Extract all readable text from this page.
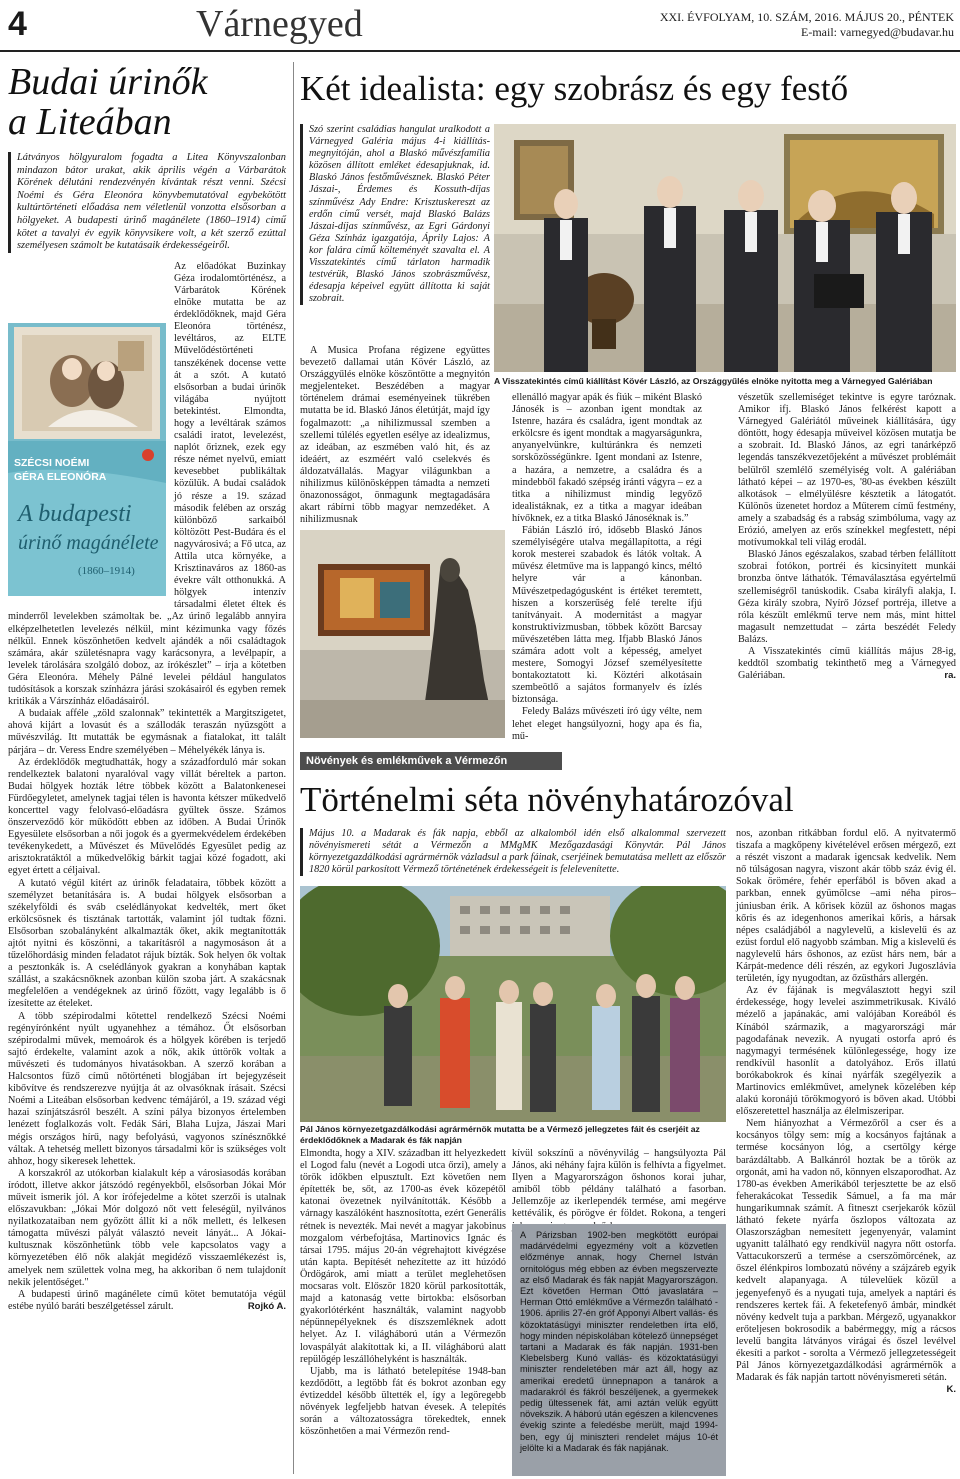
4	Várnegyed	XXI. ÉVFOLYAM, 10. SZÁM, 2016. MÁJUS 20., PÉNTEK
E-mail: varnegyed@budavar.hu
Budai úrinők
a Liteában
Látványos hölgyuralom fogadta a Litea Könyvszalonban mindazon bátor urakat, akik április végén a Várbarátok Körének délutáni rendezvényén kívántak részt venni. Szécsi Noémi és Géra Eleonóra könyvbemutatóval egybekötött kultúrtörténeti előadása nem véletlenül vonzotta elsősorban a hölgyeket. A budapesti úrinő magánélete (1860–1914) című kötet a tavalyi év egyik könyvsikere volt, a két szerző ezúttal személyesen számolt be kutatásaik érdekességeiről.
SZÉCSI NOÉMI
GÉRA ELEONÓRA
A budapesti
úrinő magánélete
(1860–1914)

Az előadókat Buzinkay Géza irodalomtörténész, a Várbarátok Körének elnöke mutatta be az érdeklődőknek, majd Géra Eleonóra történész, levéltáros, az ELTE Művelődéstörténeti tanszékének docense vette át a szót. A kutató elsősorban a budai úrinők világába nyújtott betekintést. Elmondta, hogy a levéltárak számos családi iratot, levelezést, naplót őriznek, ezek egy része német nyelvű, emiatt kevesebbet publikáltak közülük. A budai családok jó része a 19. század második felében az ország különböző sarkaiból költözött Pest-Budára és el nagyvárosivá; a Fő utca, az Attila utca környéke, a Krisztinaváros az 1860-as évekre vált otthonukká. A hölgyek intenzív társadalmi életet éltek és minderről levelekben számoltak be. „Az úrinő legalább annyira elképzelhetetlen levelezés nélkül, mint kézimunka vagy főzés nélkül. Ennek köszönhetően kedvelt ajándék a női családtagok számára, akár születésnapra vagy karácsonyra, a levélpapír, a levelek tárolására szolgáló doboz, az írókészlet” – írja a kötetben Géra Eleonóra. Méhely Pálné levelei például hangulatos tudósítások a korszak színházra járási szokásairól és egyben remek kritikák a Várszínház előadásairól.

A budaiak afféle „zöld szalonnak” tekintették a Margitszigetet, ahová kijárt a lovasút és a szállodák teraszán nyüzsgött a művészvilág. Itt mutatták be egymásnak a fiatalokat, itt talált párjára – dr. Veress Endre személyében – Méhelyékék lánya is.

Az érdeklődők megtudhatták, hogy a századforduló már sokan rendelkeztek balatoni nyaralóval vagy villát béreltek a parton. Budai hölgyek hozták létre többek között a Balatonkenesei Fürdőegyletet, amelynek tagjai télen is havonta kétszer műkedvelő koncerttel vagy felolvasó-előadásra gyűltek össze. Számos önszerveződő kör működött ebben az időben. A Budai Úrinők Egyesülete elsősorban a női jogok és a gyermekvédelem érdekében tevékenykedett, a Művészet és Művelődés Egyesület pedig az arisztokratáktól a műkedvelőkig bárkit tagjai közé fogadott, aki egyet értett a céljaival.

A kutató végül kitért az úrinők feladataira, többek között a személyzet betanítására is. A budai hölgyek elsősorban a székelyföldi és sváb cselédlányokat kedvelték, mert őket erkölcsösnek és tisztának tartották, valamint jól tudtak főzni. Elsősorban szobalányként alkalmazták őket, akik megtanították ajtót nyitni és köszönni, a takarításról a nagymosáson át a tűzelőhordásig minden feladatot rájuk bízták. Sok helyen ők voltak a pesztonkák is. A cselédlányok gyakran a konyhában kaptak szállást, a szakácsnőknek azonban külön szoba járt. A szakácsnak megfelelően a vendégeknek az úrinő főzött, vagy legalább is ő ízesítette az ételeket.

A több szépirodalmi kötettel rendelkező Szécsi Noémi regényírónként nyúlt ugyanehhez a témához. Őt elsősorban szépirodalmi művek, memoárok és a hölgyek körében is terjedő sajtó érdekelte, valamint azok a nők, akik úttörők voltak a művészeti és tudományos hivatásokban. A szerző korában a Halcsontos fűző című nőtörténeti blogjában írt bejegyzéseit kibővítve és rendszerezve nyújtja át az olvasóknak írásait. Szécsi Noémi a Liteában elsősorban kedvenc témájáról, a 19. század végi hazai színjátszásról beszélt. A színi pálya bizonyos értelemben lenézett foglalkozás volt. Fedák Sári, Blaha Lujza, Jászai Mari mégis országos hírű, nagy befolyású, vagyonos színésznőkké váltak. A tehetség mellett bizonyos társadalmi kör is szükséges volt ahhoz, hogy sikeresek lehettek.

A korszakról az utókorban kialakult kép a városiasodás korában íródott, illetve akkor játszódó regényekből, elsősorban Jókai Mór műveit ismerik jól. A kor írófejedelme a kötet szerzői is utalnak előszavukban: „Jókai Mór dolgozó nőt vett feleségül, nyilvános nyilatkozataiban nem győzött állít ki a nők mellett, és lelkesen támogatta művészi pályát választó neveit lányát... A Jókai-kultusznak köszönhetünk több vele kapcsolatos vagy a környezetében élő nők alakját megidéző visszaemlékezést is, amelyek nem születtek volna meg, ha akkoriban ő nem tulajdonít nekik jelentőséget."

A budapesti úrinő magánélete című kötet bemutatója végül estébe nyúló baráti beszélgetéssel zárult.	Rojkó A.

Két idealista: egy szobrász és egy festő
Szó szerint családias hangulat uralkodott a Várnegyed Galéria május 4-i kiállítás-megnyitóján, ahol a Blaskó művészfamília közösen állított emléket édesapjuknak, id. Blaskó János festőművésznek. Blaskó Péter Jászai-, Érdemes és Kossuth-díjas színművész Ady Endre: Krisztuskereszt az erdőn című versét, majd Blaskó Balázs Jászai-díjas színművész, az Egri Gárdonyi Géza Színház igazgatója, Áprily Lajos: A kor falára című költeményét szavalta el. A Visszatekintés című tárlaton harmadik testvérük, Blaskó János szobrászművész, édesapja képeivel együtt állította ki saját szobrait.
A Visszatekintés című kiállítást Kövér László, az Országgyűlés elnöke nyitotta meg a Várnegyed Galériában

A Musica Profana régizene együttes bevezető dallamai után Kövér László, az Országgyűlés elnöke köszöntötte a megnyitón megjelenteket. Beszédében a magyar történelem drámai eseményeinek tükrében mutatta be id. Blaskó János életútját, majd így fogalmazott: „a nihilizmussal szemben a szellemi túlélés egyetlen esélye az idealizmus, az ideában, az eszmében való hit, és az ideáért, az eszméért való cselekvés és áldozatvállalás. Magyar világunkban a nihilizmus különösképpen támadta a nemzeti önazonosságot, önmagunk megtagadására akart rábírni több magyar nemzedéket. A nihilizmusnak

ellenálló magyar apák és fiúk – miként Blaskó Jánosék is – azonban igent mondtak az Istenre, hazára és családra, igent mondtak az erkölcsre és igent mondtak a magyarságunkra, anyanyelvünkre, kultúránkra és nemzeti sorsközösségünkre. Igent mondani az Istenre, a hazára, a nemzetre, a családra és a mindebből fakadó szépség iránti vágyra – ez a titka a nihilizmust mindig legyőző idealistáknak, ez a titka a magyar ideában hívőknek, ez a titka Blaskó Jánoséknak is.”

Fábián László író, idősebb Blaskó János személyiségére utalva megállapította, a régi korok mesterei szabadok és látók voltak. A művész életműve ma is lappangó kincs, méltó helyre vár a kánonban. Művészetpedagógusként is értéket teremtett, hiszen a korszerűség felé terelte ifjú tanítványait. A modernitást a magyar konstruktivizmusban, többek között Barcsay művészetében látta meg. Ifjabb Blaskó János számára adott volt a képesség, amelyet mestere, Somogyi József személyesítette bontakoztatott ki. Köztéri alkotásain szembeötlő a sajátos formanyelv és ízlés biztonsága.

Feledy Balázs művészeti író úgy vélte, nem lehet eleget hangsúlyozni, hogy apa és fia, mű-

vészetük szellemiséget tekintve is egyre taróznak. Amikor ifj. Blaskó János felkérést kapott a Várnegyed Galériától műveinek kiállítására, úgy döntött, hogy édesapja műveivel közösen mutatja be a szobrait. Id. Blaskó János, az egri tanárképző legendás tanszékvezetőjeként a művészet problémáit belülről szemlélő személyiség volt. A galériában látható képei – az 1970-es, '80-as években készült alkotások – elmélyülésre késztetik a látogatót. Különös üzenetet hordoz a Műterem című festmény, amely a szabadság és a rabság szimbóluma, vagy az Erózió, amelyen az erős színekkel megfestett, népi motívumokkal teli világ erodál.

Blaskó János egészalakos, szabad térben felállított szobrai fotókon, portréi és kicsinyített munkái bronzba öntve láthatók. Témaválasztása egyértelmű szellemiségről tanúskodik. Csaba királyfi alakja, I. Géza király szobra, Nyírő József portréja, illetve a róla készült emlékmű terve nem más, mint hittel magasult nemzettudat – zárta beszédét Feledy Balázs.

A Visszatekintés című kiállítás május 28-ig, keddtől szombatig tekinthető meg a Várnegyed Galériában.	ra.

Növények és emlékművek a Vérmezőn
Történelmi séta növényhatározóval
Május 10. a Madarak és fák napja, ebből az alkalomból idén első alkalommal szervezett növényismereti sétát a Vérmezőn a MMgMK Mezőgazdasági Könyvtár. Pál János környezetgazdálkodási agrármérnök vázladsul a park fáinak, cserjéinek bemutatása mellett az először 1820 körül parkosított Vérmező történetének érdekességeit is felelevenítette.
Pál János környezetgazdálkodási agrármérnök mutatta be a Vérmező jellegzetes fáit és cserjéit az érdeklődőknek a Madarak és fák napján

Elmondta, hogy a XIV. században itt helyezkedett el Logod falu (nevét a Logodi utca őrzi), amely a török időkben elpusztult. Ezt követően nem építették be, sőt, az 1700-as évek közepétől katonai övezetnek nyilvánították. Később a várnagy kaszálóként hasznosította, ezért Generális rétnek is nevezték. Mai nevét a magyar jakobinus mozgalom vérbefojtása, Martinovics Ignác és társai 1795. május 20-án végrehajtott kivégzése után kapta. Bepítését nehezítette az itt húzódó Ördögárok, ami miatt a terület meglehetősen mocsaras volt. Először 1820 körül parkosították, majd a katonaság vette birtokba: elsősorban gyakorlótérként használták, valamint nagyobb népünnepélyeknek és díszszemléknek adott helyet. Az I. világháború után a Vérmezőn lovaspályát alakítottak ki, a II. világháború alatt repülőgép leszállóhelyként is használták.

Ujabb, ma is látható betelepítése 1948-ban kezdődött, a legtöbb fát és bokrot azonban egy évtizeddel később ültették el, így a legöregebb növények legfeljebb hatvan évesek. A telepítés során a változatosságra törekedtek, ennek köszönhetően a mai Vérmezőn rend-

kívül sokszínű a növényvilág – hangsúlyozta Pál János, aki néhány fajra külön is felhívta a figyelmet. Ilyen a Magyarországon őshonos korai juhar, amiből több példány található a fasorban. Jellemzője az ikerlependék termése, ami megérve kettéválik, és pörögve ér földet. Rokona, a tengeri

A Párizsban 1902-ben megkötött európai madárvédelmi egyezmény volt a közvetlen előzménye annak, hogy Chernel István ornitológus még ebben az évben megszervezte az első Madarak és fák napját Magyarországon. Ezt követően Herman Ottó javaslatára – Herman Ottó emlékműve a Vérmezőn található - 1906. április 27-én gróf Apponyi Albert vallás- és közoktatásügyi miniszter rendeletben írta elő, hogy minden népiskolában kötelező ünnepséget tartani a Madarak és fák napján. 1931-ben Klebelsberg Kunó vallás- és közoktatásügyi miniszter rendeletében már azt áll, hogy az amerikai eredetű ünnepnapon a tanárok a madarakról és fákról beszéljenek, a gyermekek pedig ültessenek fát, ami aztán velük együtt növekszik. A háború után egészen a kilencvenes évekig szinte a feledésbe merült, majd 1994-ben, egy új miniszteri rendelet május 10-ét jelölte ki a Madarak és fák napjának.

nos, azonban ritkábban fordul elő. A nyitvatermő tiszafa a magkőpeny kivételével erősen mérgező, ezt a részét viszont a madarak igencsak kedvelik. Nem nő túlságosan nagyra, viszont akár több száz évig él. Sokak örömére, fehér eperfából is bőven akad a parkban, ennek gyümölcse –ami néha piros– júniusban érik. A kőrisek közül az őshonos magas kőris és az idegenhonos amerikai kőris, a hársak népes családjából a nagylevelű, a kislevelű és az ezüst fordul elő nagyobb számban. Mig a kislevelű és nagylevelű hárs őshonos, az ezüst hárs nem, bár a Kárpát-medence déli részén, az egykori Jugoszlávia területén, így nyugodtan, az őzüsthárs allergén.

Az év fájának is megválasztott hegyi szil érdekessége, hogy levelei aszimmetrikusak. Kiváló mézelő a japánakác, ami valójában Koreából és Kínából származik, a magyarországi már pagodafának nevezik. A nyugati ostorfa apró és nagymagyi termésének különlegessége, hogy ize rendkívül hasonlít a datolyához. Erős illatú borókabokrok és kínai nyárfák szegélyezik a Martinovics emlékművet, amelynek közelében kép alakú koronájú törökmogyoró is bőven akad. Utóbbi előszeretettel használja az élelmiszeripar.

Nem hiányozhat a Vérmezőről a cser és a kocsányos tölgy sem: míg a kocsányos fajtának a termése kocsányon lóg, a csertölgy kérge barázdáltabb. A Balkánról hoztak be a török az orgonát, ami ha vadon nő, könnyen elszaporodhat. Az 1780-as években Amerikából terjesztette be az első feherakácokat Tessedik Sámuel, a fa ma már hungarikumnak számít. A fitneszt cserjekarók közül látható fekete nyárfa őszlopos változata az Olaszországban nemesített jegenyenyár, valamint ugyanitt található egy rendkívül nagyra nőtt ostorfa. Vattacukorszerű a termése a cserszömörcének, az őszel élénkpiros lombozatú növény a szájzáreb egyik kedvelt alapanyaga. A túlevelűek közül a jegenyefenyő és a nyugati tuja, amelyek a naptári és rendszeres kertek fái. A feketefenyő ámbár, mindkét növény kedvelt tuja a parkban. Mérgező, ugyanakkor erőteljesen bokrosodik a babérmeggy, míg a rácsos levelű bangita látványos virágai és őszel levélvel ékesíti a parkot - sorolta a Vérmező jellegzetességeit Pál János környezetgazdálkodási agrármérnök a Madarak és fák napján tartott növényismereti sétán.
K.
